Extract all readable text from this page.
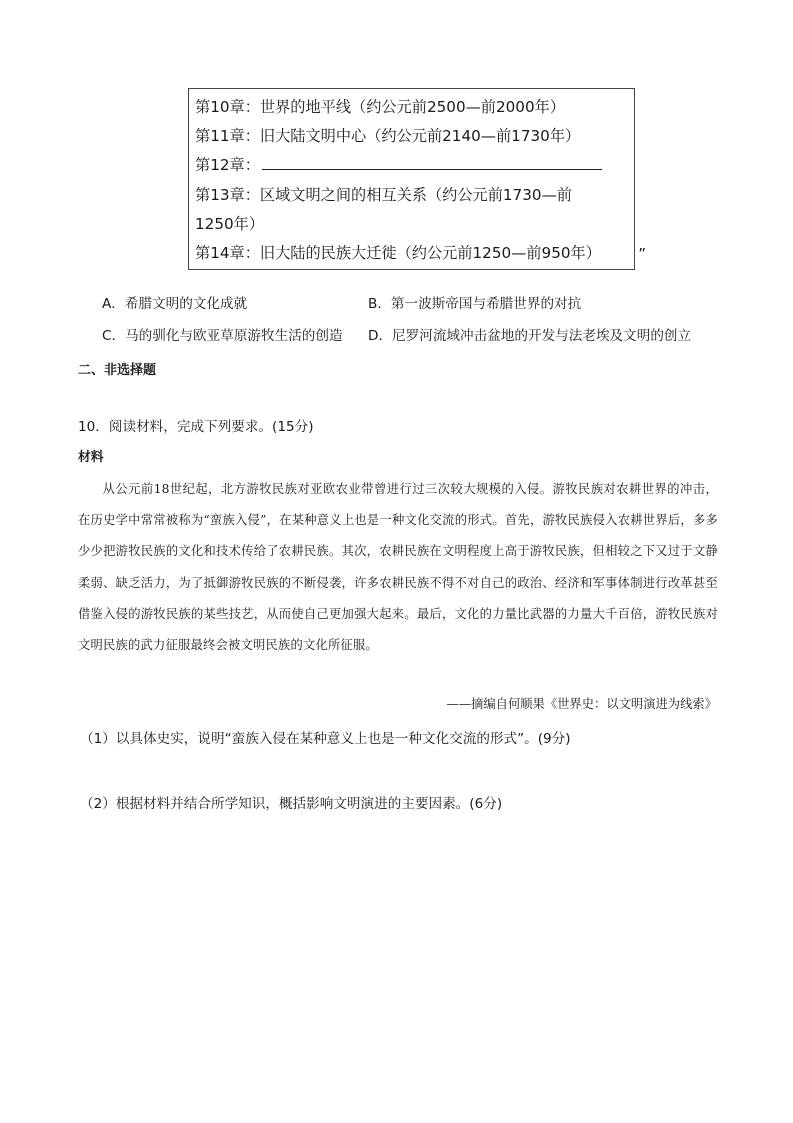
第10章：世界的地平线（约公元前2500—前2000年）
第11章：旧大陆文明中心（约公元前2140—前1730年）
第12章：
第13章：区域文明之间的相互关系（约公元前1730—前
1250年）
第14章：旧大陆的民族大迁徙（约公元前1250—前950年）	”
A．希腊文明的文化成就	B．第一波斯帝国与希腊世界的对抗
C．马的驯化与欧亚草原游牧生活的创造	D．尼罗河流域冲击盆地的开发与法老埃及文明的创立
二、非选择题
10．阅读材料，完成下列要求。(15分)
材料
从公元前18世纪起，北方游牧民族对亚欧农业带曾进行过三次较大规模的入侵。游牧民族对农耕世界的冲击，在历史学中常常被称为“蛮族入侵”，在某种意义上也是一种文化交流的形式。首先，游牧民族侵入农耕世界后，多多少少把游牧民族的文化和技术传给了农耕民族。其次，农耕民族在文明程度上高于游牧民族，但相较之下又过于文静柔弱、缺乏活力，为了抵御游牧民族的不断侵袭，许多农耕民族不得不对自己的政治、经济和军事体制进行改革甚至借鉴入侵的游牧民族的某些技艺，从而使自己更加强大起来。最后，文化的力量比武器的力量大千百倍，游牧民族对文明民族的武力征服最终会被文明民族的文化所征服。
——摘编自何顺果《世界史：以文明演进为线索》
（1）以具体史实，说明“蛮族入侵在某种意义上也是一种文化交流的形式”。(9分)
（2）根据材料并结合所学知识，概括影响文明演进的主要因素。(6分)
